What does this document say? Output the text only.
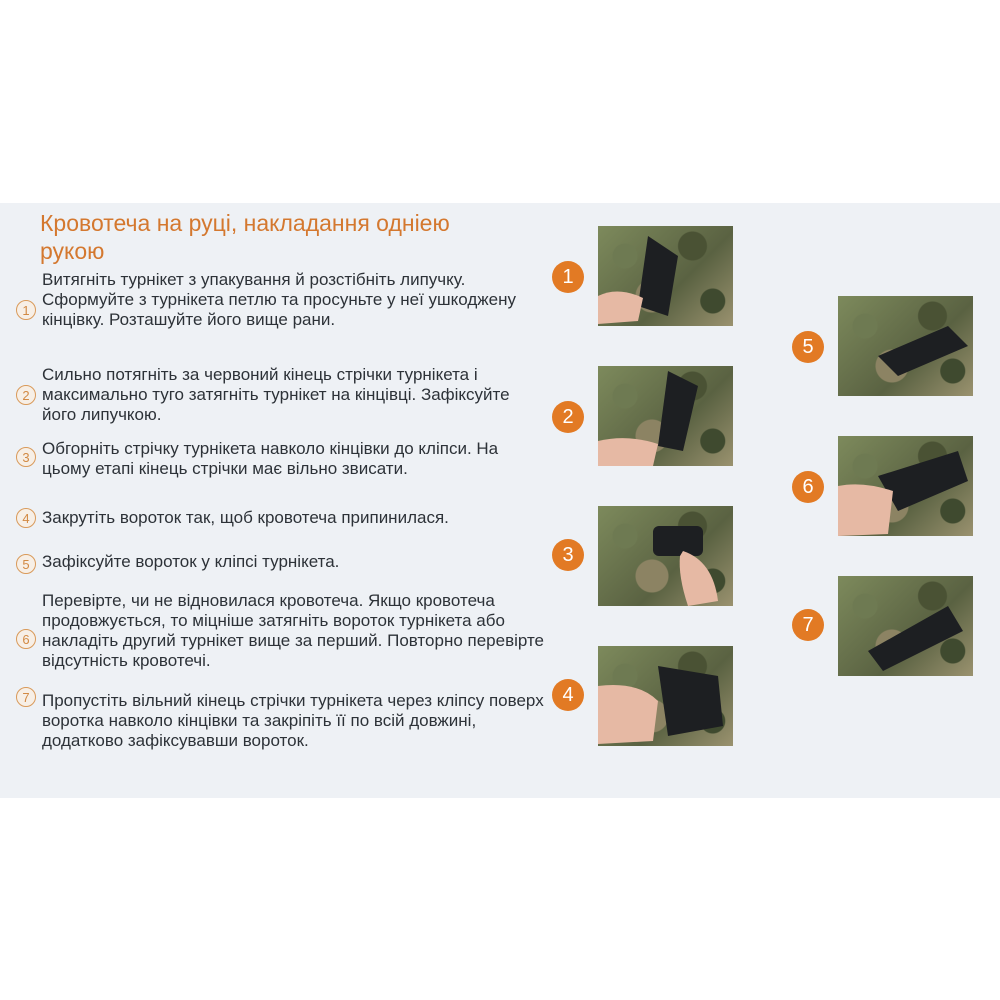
Кровотеча на руці, накладання одніею рукою
1
Витягніть турнікет з упакування й розстібніть липучку. Сформуйте з турнікета петлю та просуньте у неї ушкоджену кінцівку. Розташуйте його вище рани.
2
Сильно потягніть за червоний кінець стрічки турнікета і максимально туго затягніть турнікет на кінцівці. Зафіксуйте його липучкою.
3 Обгорніть стрічку турнікета навколо кінцівки до кліпси. На цьому етапі кінець стрічки має вільно звисати.
4 Закрутіть вороток так, щоб кровотеча припинилася.
5 Зафіксуйте вороток у кліпсі турнікета.
6
Перевірте, чи не відновилася кровотеча. Якщо кровотеча продовжується, то міцніше затягніть вороток турнікета або накладіть другий турнікет вище за перший. Повторно перевірте відсутність кровотечі.
7 Пропустіть вільний кінець стрічки турнікета через кліпсу поверх воротка навколо кінцівки та закріпіть її по всій довжині, додатково зафіксувавши вороток.
1
2
3
4
5
6
7
